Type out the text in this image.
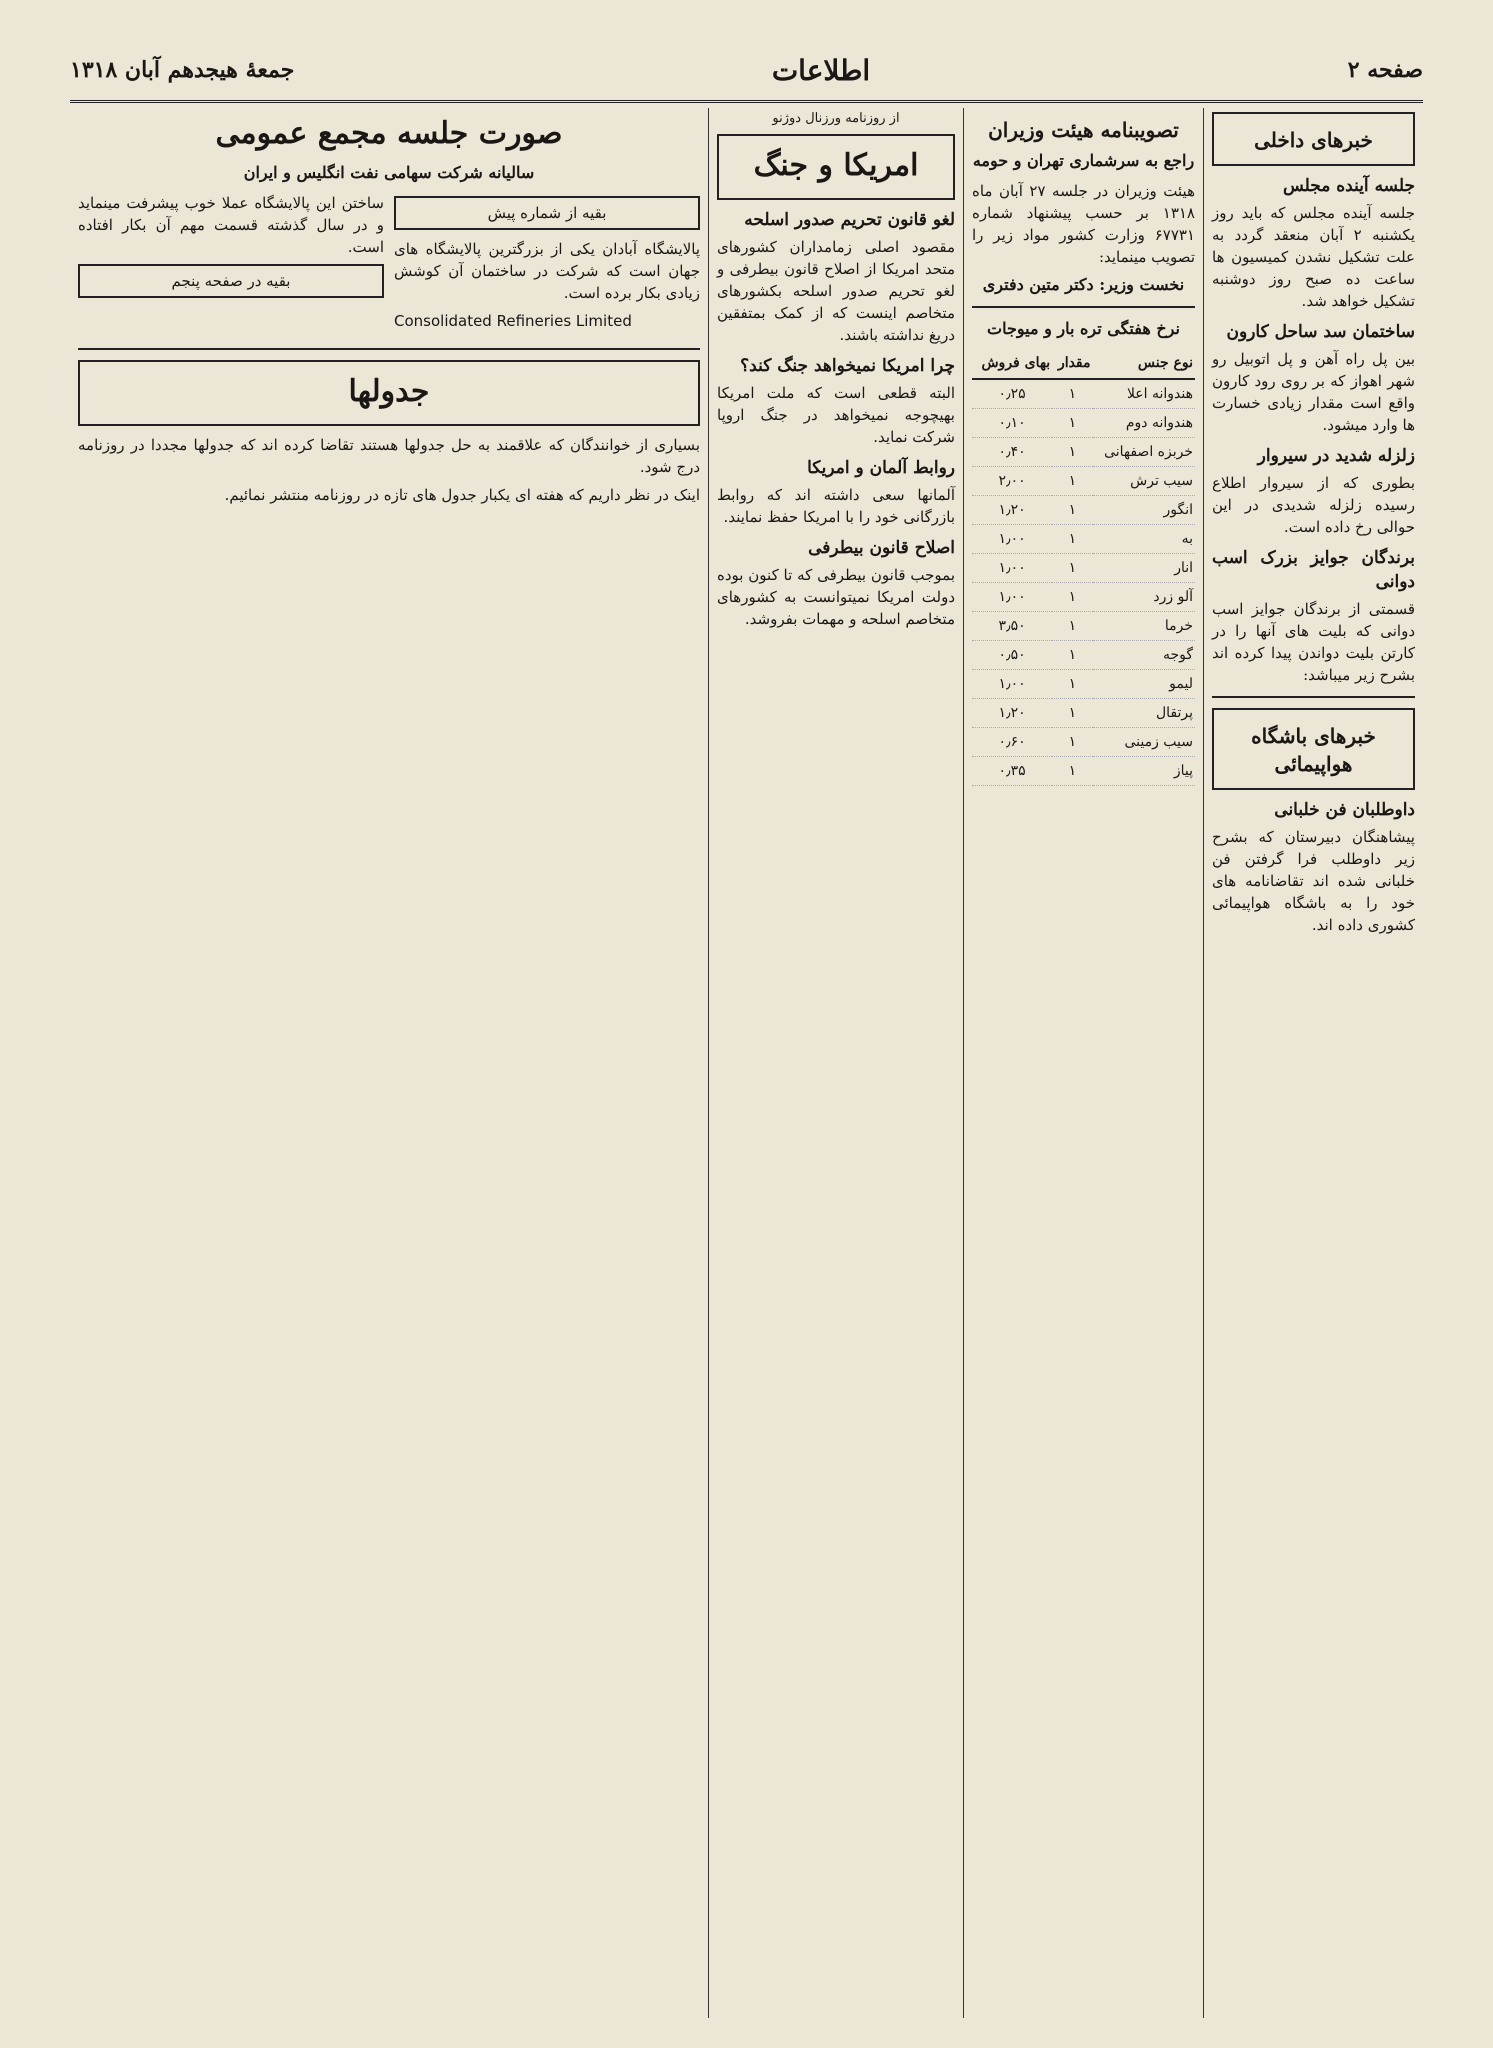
صفحه ۲
اطلاعات
جمعهٔ هیجدهم آبان ۱۳۱۸
خبرهای داخلی
جلسه آینده مجلس

جلسه آینده مجلس که باید روز یکشنبه ۲ آبان منعقد گردد به علت تشکیل نشدن کمیسیون ها ساعت ده صبح روز دوشنبه تشکیل خواهد شد.

ساختمان سد ساحل کارون

بین پل راه آهن و پل اتوبیل رو شهر اهواز که بر روی رود کارون واقع است مقدار زیادی خسارت ها وارد میشود.

زلزله شدید در سیروار

بطوری که از سیروار اطلاع رسیده زلزله شدیدی در این حوالی رخ داده است.

برندگان جوایز بزرک اسب دوانی

قسمتی از برندگان جوایز اسب دوانی که بلیت های آنها را در کارتن بلیت دواندن پیدا کرده اند بشرح زیر میباشد:

خبرهای باشگاه هواپیمائی
داوطلبان فن خلبانی

پیشاهنگان دبیرستان که بشرح زیر داوطلب فرا گرفتن فن خلبانی شده اند تقاضانامه های خود را به باشگاه هواپیمائی کشوری داده اند.

تصویبنامه هیئت وزیران
راجع به سرشماری تهران و حومه

هیئت وزیران در جلسه ۲۷ آبان ماه ۱۳۱۸ بر حسب پیشنهاد شماره ۶۷۷۳۱ وزارت کشور مواد زیر را تصویب مینماید:

نخست وزیر: دکتر متین دفتری
نرخ هفتگی تره بار و میوجات
نوع جنس	مقدار	بهای فروش
هندوانه اعلا	۱	۰٫۲۵
هندوانه دوم	۱	۰٫۱۰
خربزه اصفهانی	۱	۰٫۴۰
سیب ترش	۱	۲٫۰۰
انگور	۱	۱٫۲۰
به	۱	۱٫۰۰
انار	۱	۱٫۰۰
آلو زرد	۱	۱٫۰۰
خرما	۱	۳٫۵۰
گوجه	۱	۰٫۵۰
لیمو	۱	۱٫۰۰
پرتقال	۱	۱٫۲۰
سیب زمینی	۱	۰٫۶۰
پیاز	۱	۰٫۳۵
از روزنامه ورزنال دوژنو
امریکا و جنگ
لغو قانون تحریم صدور اسلحه

مقصود اصلی زمامداران کشورهای متحد امریکا از اصلاح قانون بیطرفی و لغو تحریم صدور اسلحه بکشورهای متخاصم اینست که از کمک بمتفقین دریغ نداشته باشند.

چرا امریکا نمیخواهد جنگ کند؟

البته قطعی است که ملت امریکا بهیچوجه نمیخواهد در جنگ اروپا شرکت نماید.

روابط آلمان و امریکا

آلمانها سعی داشته اند که روابط بازرگانی خود را با امریکا حفظ نمایند.

اصلاح قانون بیطرفی

بموجب قانون بیطرفی که تا کنون بوده دولت امریکا نمیتوانست به کشورهای متخاصم اسلحه و مهمات بفروشد.

صورت جلسه مجمع عمومی
سالیانه شرکت سهامی نفت انگلیس و ایران
بقیه از شماره پیش

پالایشگاه آبادان یکی از بزرگترین پالایشگاه های جهان است که شرکت در ساختمان آن کوشش زیادی بکار برده است.

Consolidated Refineries Limited

ساختن این پالایشگاه عملا خوب پیشرفت مینماید و در سال گذشته قسمت مهم آن بکار افتاده است.

بقیه در صفحه پنجم
جدولها

بسیاری از خوانندگان که علاقمند به حل جدولها هستند تقاضا کرده اند که جدولها مجددا در روزنامه درج شود.

اینک در نظر داریم که هفته ای یکبار جدول های تازه در روزنامه منتشر نمائیم.
